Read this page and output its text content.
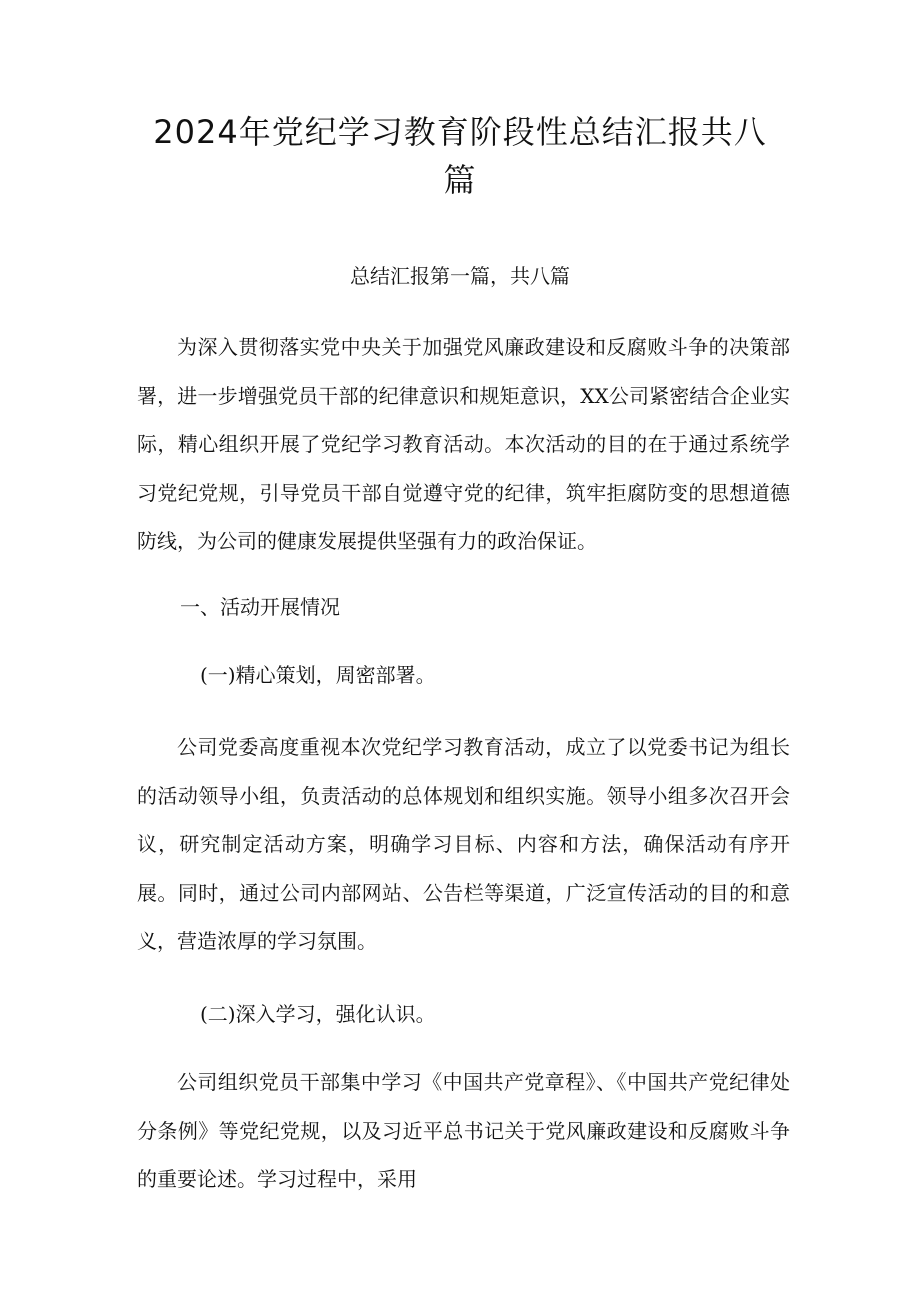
2024年党纪学习教育阶段性总结汇报共八篇
总结汇报第一篇，共八篇

为深入贯彻落实党中央关于加强党风廉政建设和反腐败斗争的决策部署，进一步增强党员干部的纪律意识和规矩意识，XX公司紧密结合企业实际，精心组织开展了党纪学习教育活动。本次活动的目的在于通过系统学习党纪党规，引导党员干部自觉遵守党的纪律，筑牢拒腐防变的思想道德防线，为公司的健康发展提供坚强有力的政治保证。

一、活动开展情况

(一)精心策划，周密部署。

公司党委高度重视本次党纪学习教育活动，成立了以党委书记为组长的活动领导小组，负责活动的总体规划和组织实施。领导小组多次召开会议，研究制定活动方案，明确学习目标、内容和方法，确保活动有序开展。同时，通过公司内部网站、公告栏等渠道，广泛宣传活动的目的和意义，营造浓厚的学习氛围。

(二)深入学习，强化认识。

公司组织党员干部集中学习《中国共产党章程》、《中国共产党纪律处分条例》等党纪党规，以及习近平总书记关于党风廉政建设和反腐败斗争的重要论述。学习过程中，采用
